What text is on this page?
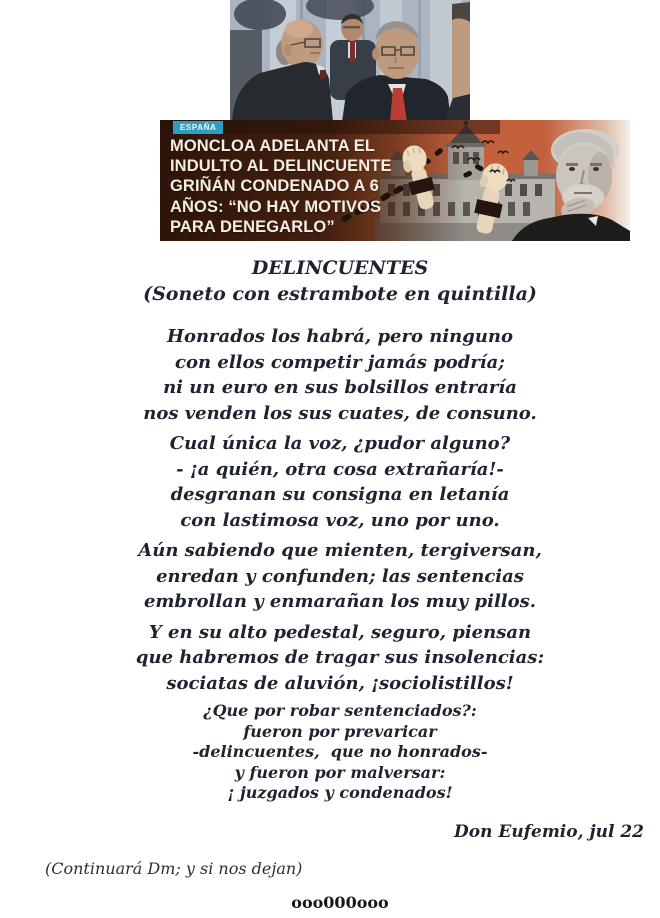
ESPAÑA
MONCLOA ADELANTA EL
INDULTO AL DELINCUENTE
GRIÑÁN CONDENADO A 6
AÑOS: “NO HAY MOTIVOS
PARA DENEGARLO”
DELINCUENTES
(Soneto con estrambote en quintilla)
Honrados los habrá, pero ninguno
con ellos competir jamás podría;
ni un euro en sus bolsillos entraría
nos venden los sus cuates, de consuno.
Cual única la voz, ¿pudor alguno?
- ¡a quién, otra cosa extrañaría!-
desgranan su consigna en letanía
con lastimosa voz, uno por uno.
Aún sabiendo que mienten, tergiversan,
enredan y confunden; las sentencias
embrollan y enmarañan los muy pillos.
Y en su alto pedestal, seguro, piensan
que habremos de tragar sus insolencias:
sociatas de aluvión, ¡sociolistillos!
¿Que por robar sentenciados?:
fueron por prevaricar
-delincuentes,  que no honrados-
y fueron por malversar:
¡ juzgados y condenados!
Don Eufemio, jul 22
(Continuará Dm; y si nos dejan)
ooo000ooo
